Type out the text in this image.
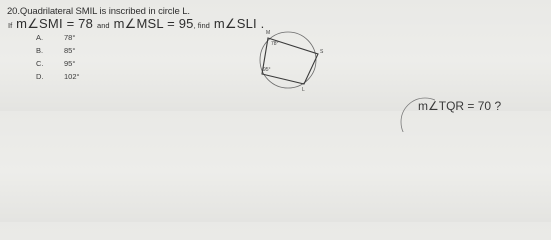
20.Quadrilateral SMIL is inscribed in circle L.
If m∠SMI = 78 and m∠MSL = 95 , find m∠SLI .
A.	78°
B.	85°
C.	95°
D.	102°
M
78°
S
95°
L
m∠TQR = 70 ?
